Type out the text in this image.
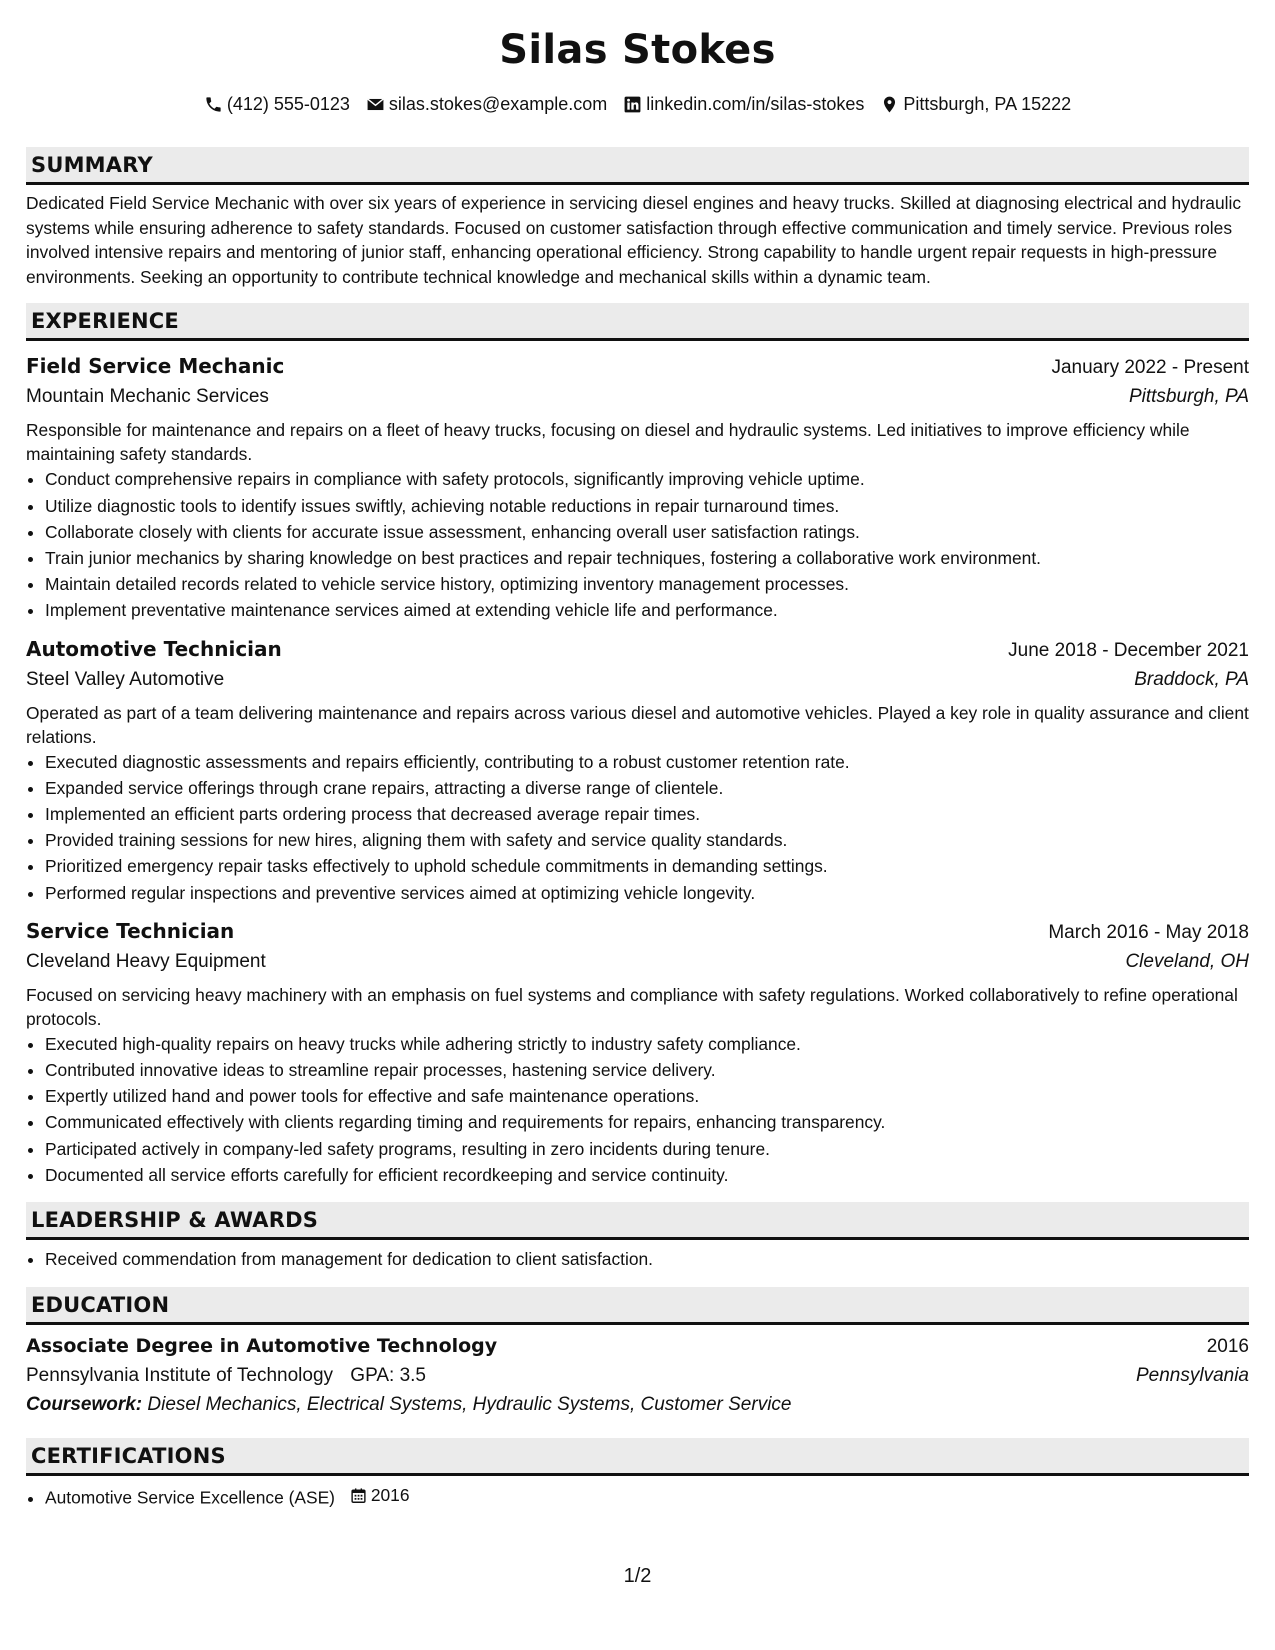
Silas Stokes
(412) 555-0123 silas.stokes@example.com linkedin.com/in/silas-stokes Pittsburgh, PA 15222
SUMMARY
Dedicated Field Service Mechanic with over six years of experience in servicing diesel engines and heavy trucks. Skilled at diagnosing electrical and hydraulic systems while ensuring adherence to safety standards. Focused on customer satisfaction through effective communication and timely service. Previous roles involved intensive repairs and mentoring of junior staff, enhancing operational efficiency. Strong capability to handle urgent repair requests in high-pressure environments. Seeking an opportunity to contribute technical knowledge and mechanical skills within a dynamic team.
EXPERIENCE
Field Service Mechanic	January 2022 - Present
Mountain Mechanic Services	Pittsburgh, PA
Responsible for maintenance and repairs on a fleet of heavy trucks, focusing on diesel and hydraulic systems. Led initiatives to improve efficiency while maintaining safety standards.
• Conduct comprehensive repairs in compliance with safety protocols, significantly improving vehicle uptime.
• Utilize diagnostic tools to identify issues swiftly, achieving notable reductions in repair turnaround times.
• Collaborate closely with clients for accurate issue assessment, enhancing overall user satisfaction ratings.
• Train junior mechanics by sharing knowledge on best practices and repair techniques, fostering a collaborative work environment.
• Maintain detailed records related to vehicle service history, optimizing inventory management processes.
• Implement preventative maintenance services aimed at extending vehicle life and performance.
Automotive Technician	June 2018 - December 2021
Steel Valley Automotive	Braddock, PA
Operated as part of a team delivering maintenance and repairs across various diesel and automotive vehicles. Played a key role in quality assurance and client relations.
• Executed diagnostic assessments and repairs efficiently, contributing to a robust customer retention rate.
• Expanded service offerings through crane repairs, attracting a diverse range of clientele.
• Implemented an efficient parts ordering process that decreased average repair times.
• Provided training sessions for new hires, aligning them with safety and service quality standards.
• Prioritized emergency repair tasks effectively to uphold schedule commitments in demanding settings.
• Performed regular inspections and preventive services aimed at optimizing vehicle longevity.
Service Technician	March 2016 - May 2018
Cleveland Heavy Equipment	Cleveland, OH
Focused on servicing heavy machinery with an emphasis on fuel systems and compliance with safety regulations. Worked collaboratively to refine operational protocols.
• Executed high-quality repairs on heavy trucks while adhering strictly to industry safety compliance.
• Contributed innovative ideas to streamline repair processes, hastening service delivery.
• Expertly utilized hand and power tools for effective and safe maintenance operations.
• Communicated effectively with clients regarding timing and requirements for repairs, enhancing transparency.
• Participated actively in company-led safety programs, resulting in zero incidents during tenure.
• Documented all service efforts carefully for efficient recordkeeping and service continuity.
LEADERSHIP & AWARDS
• Received commendation from management for dedication to client satisfaction.
EDUCATION
Associate Degree in Automotive Technology	2016
Pennsylvania Institute of Technology GPA: 3.5	Pennsylvania
Coursework: Diesel Mechanics, Electrical Systems, Hydraulic Systems, Customer Service
CERTIFICATIONS
• Automotive Service Excellence (ASE) 2016
1/2
